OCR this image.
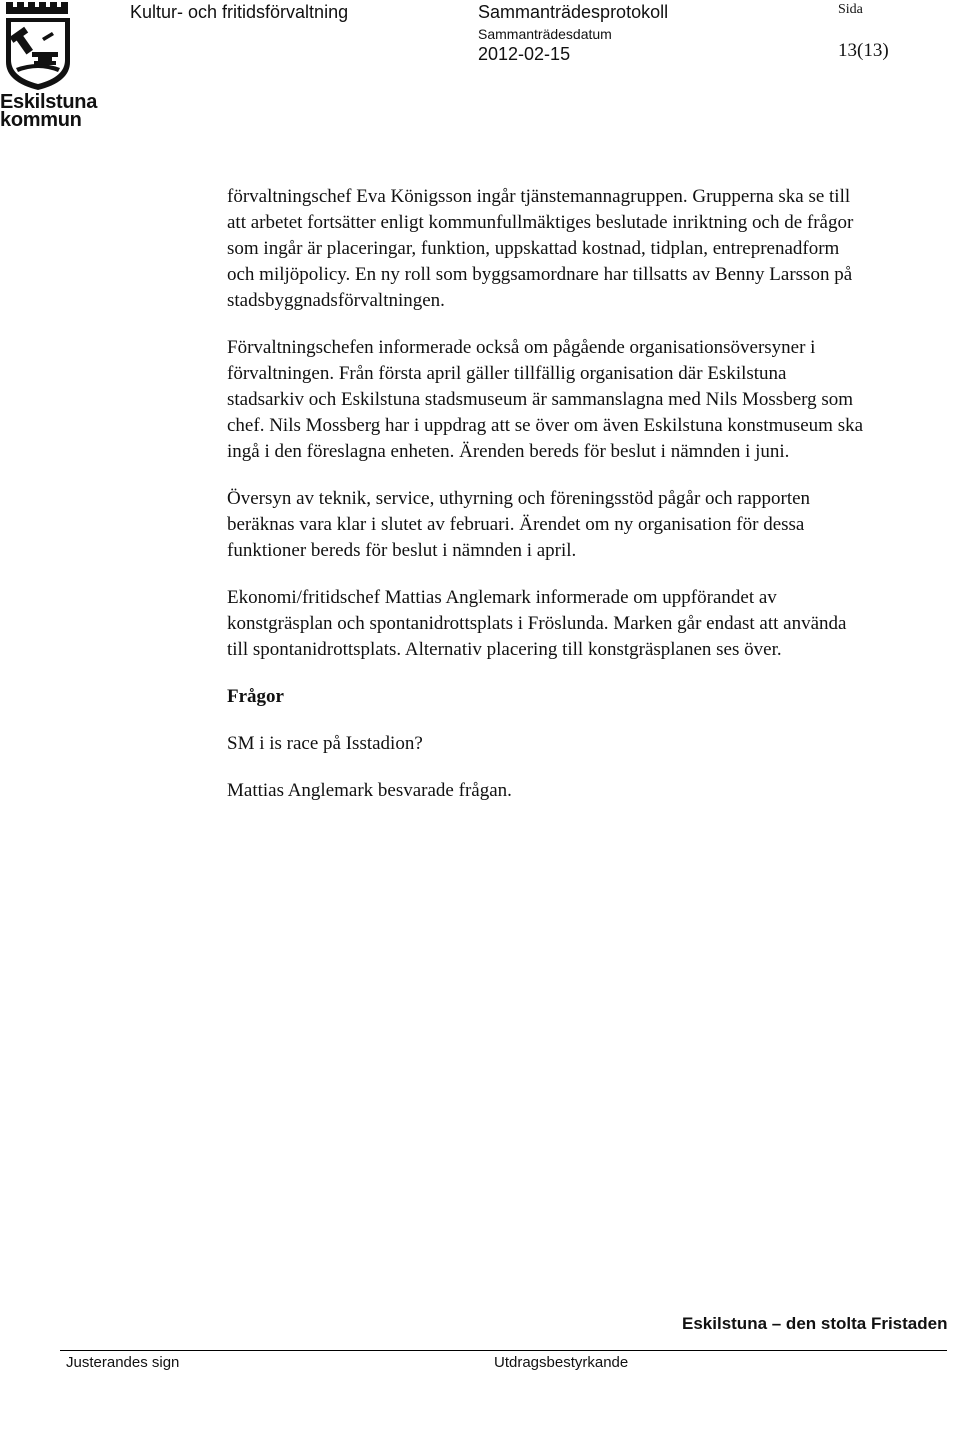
Eskilstuna
kommun
Kultur- och fritidsförvaltning	Sammanträdesprotokoll
Sammanträdesdatum
2012-02-15
Sida
13(13)

förvaltningschef Eva Königsson ingår tjänstemannagruppen. Grupperna ska se till
att arbetet fortsätter enligt kommunfullmäktiges beslutade inriktning och de frågor
som ingår är placeringar, funktion, uppskattad kostnad, tidplan, entreprenadform
och miljöpolicy. En ny roll som byggsamordnare har tillsatts av Benny Larsson på
stadsbyggnadsförvaltningen.

Förvaltningschefen informerade också om pågående organisationsöversyner i
förvaltningen. Från första april gäller tillfällig organisation där Eskilstuna
stadsarkiv och Eskilstuna stadsmuseum är sammanslagna med Nils Mossberg som
chef. Nils Mossberg har i uppdrag att se över om även Eskilstuna konstmuseum ska
ingå i den föreslagna enheten. Ärenden bereds för beslut i nämnden i juni.

Översyn av teknik, service, uthyrning och föreningsstöd pågår och rapporten
beräknas vara klar i slutet av februari. Ärendet om ny organisation för dessa
funktioner bereds för beslut i nämnden i april.

Ekonomi/fritidschef Mattias Anglemark informerade om uppförandet av
konstgräsplan och spontanidrottsplats i Fröslunda. Marken går endast att använda
till spontanidrottsplats. Alternativ placering till konstgräsplanen ses över.

Frågor

SM i is race på Isstadion?

Mattias Anglemark besvarade frågan.

Eskilstuna – den stolta Fristaden
Justerandes sign	Utdragsbestyrkande
